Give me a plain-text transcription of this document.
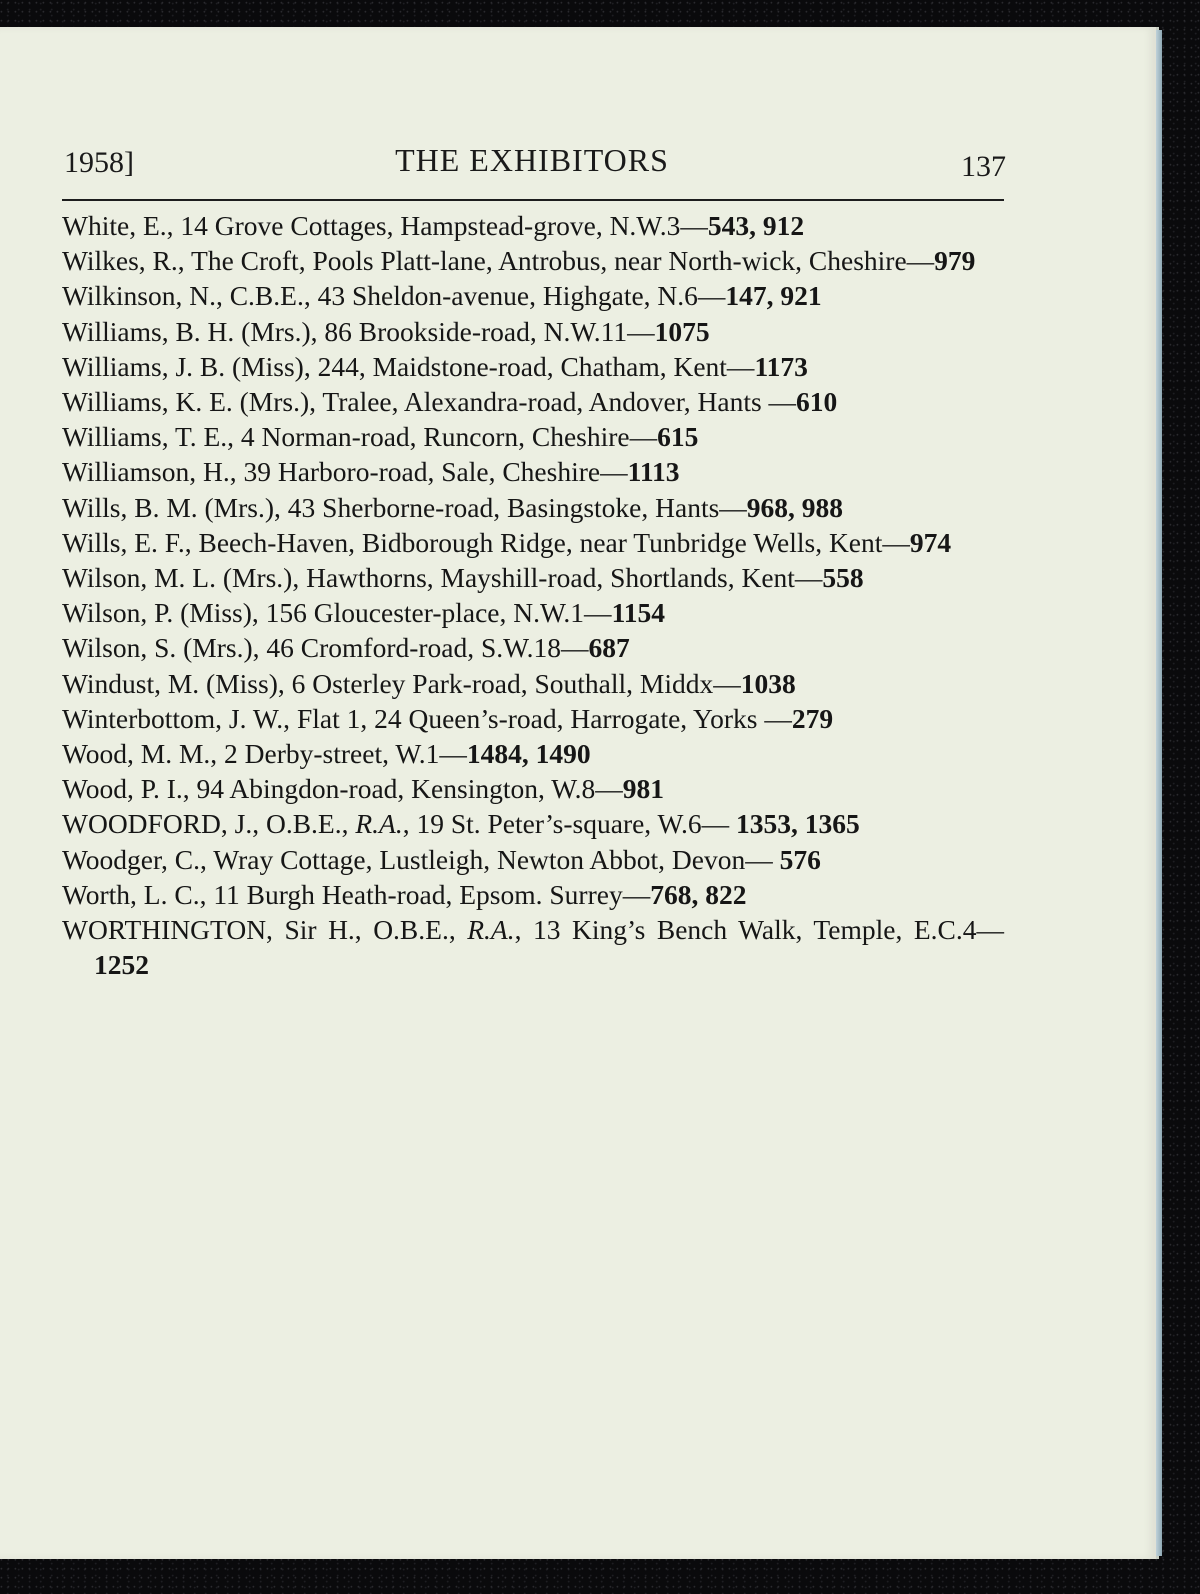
1958]	THE EXHIBITORS	137

White, E., 14 Grove Cottages, Hampstead-grove, N.W.3—543, 912

Wilkes, R., The Croft, Pools Platt-lane, Antrobus, near North-wick, Cheshire—979

Wilkinson, N., C.B.E., 43 Sheldon-avenue, Highgate, N.6—147, 921

Williams, B. H. (Mrs.), 86 Brookside-road, N.W.11—1075

Williams, J. B. (Miss), 244, Maidstone-road, Chatham, Kent—1173

Williams, K. E. (Mrs.), Tralee, Alexandra-road, Andover, Hants —610

Williams, T. E., 4 Norman-road, Runcorn, Cheshire—615

Williamson, H., 39 Harboro-road, Sale, Cheshire—1113

Wills, B. M. (Mrs.), 43 Sherborne-road, Basingstoke, Hants—968, 988

Wills, E. F., Beech-Haven, Bidborough Ridge, near Tunbridge Wells, Kent—974

Wilson, M. L. (Mrs.), Hawthorns, Mayshill-road, Shortlands, Kent—558

Wilson, P. (Miss), 156 Gloucester-place, N.W.1—1154

Wilson, S. (Mrs.), 46 Cromford-road, S.W.18—687

Windust, M. (Miss), 6 Osterley Park-road, Southall, Middx—1038

Winterbottom, J. W., Flat 1, 24 Queen’s-road, Harrogate, Yorks —279

Wood, M. M., 2 Derby-street, W.1—1484, 1490

Wood, P. I., 94 Abingdon-road, Kensington, W.8—981

WOODFORD, J., O.B.E., R.A., 19 St. Peter’s-square, W.6— 1353, 1365

Woodger, C., Wray Cottage, Lustleigh, Newton Abbot, Devon— 576

Worth, L. C., 11 Burgh Heath-road, Epsom. Surrey—768, 822

WORTHINGTON, Sir H., O.B.E., R.A., 13 King’s Bench Walk, Temple, E.C.4—1252
